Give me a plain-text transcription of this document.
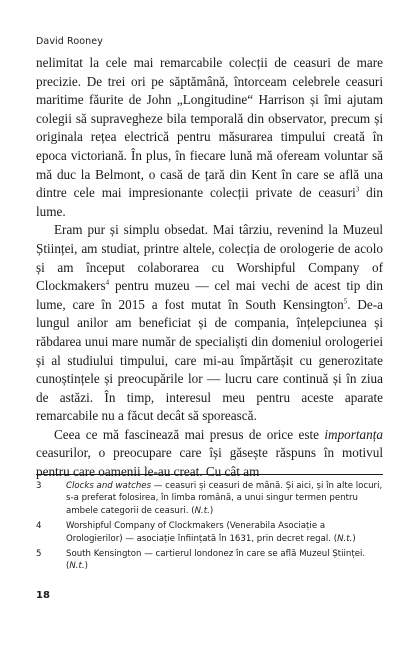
David Rooney

nelimitat la cele mai remarcabile colecții de ceasuri de mare precizie. De trei ori pe săptămână, întorceam celebrele ceasuri maritime făurite de John „Longitudine“ Harrison și îmi ajutam colegii să supravegheze bila temporală din observator, precum și originala rețea electrică pentru măsurarea timpului creată în epoca victoriană. În plus, în fiecare lună mă ofeream voluntar să mă duc la Belmont, o casă de țară din Kent în care se află una dintre cele mai impresionante colecții private de ceasuri$^3$ din lume.

Eram pur și simplu obsedat. Mai târziu, revenind la Muzeul Științei, am studiat, printre altele, colecția de orologerie de acolo și am început colaborarea cu Worshipful Company of Clockmakers$^4$ pentru muzeu — cel mai vechi de acest tip din lume, care în 2015 a fost mutat în South Kensington$^5$. De-a lungul anilor am beneficiat și de compania, înțelepciunea și răbdarea unui mare număr de specialiști din domeniul orologeriei și al studiului timpului, care mi-au împărtășit cu generozitate cunoștințele și preocupările lor — lucru care continuă și în ziua de astăzi. În timp, interesul meu pentru aceste aparate remarcabile nu a făcut decât să sporească.

Ceea ce mă fascinează mai presus de orice este importanța ceasurilor, o preocupare care își găsește răspuns în motivul pentru care oamenii le-au creat. Cu cât am

3	Clocks and watches — ceasuri și ceasuri de mână. Și aici, și în alte locuri, s-a preferat folosirea, în limba română, a unui singur termen pentru ambele categorii de ceasuri. (N.t.)
4	Worshipful Company of Clockmakers (Venerabila Asociație a Orologierilor) — asociație înființată în 1631, prin decret regal. (N.t.)
5	South Kensington — cartierul londonez în care se află Muzeul Științei. (N.t.)
18
